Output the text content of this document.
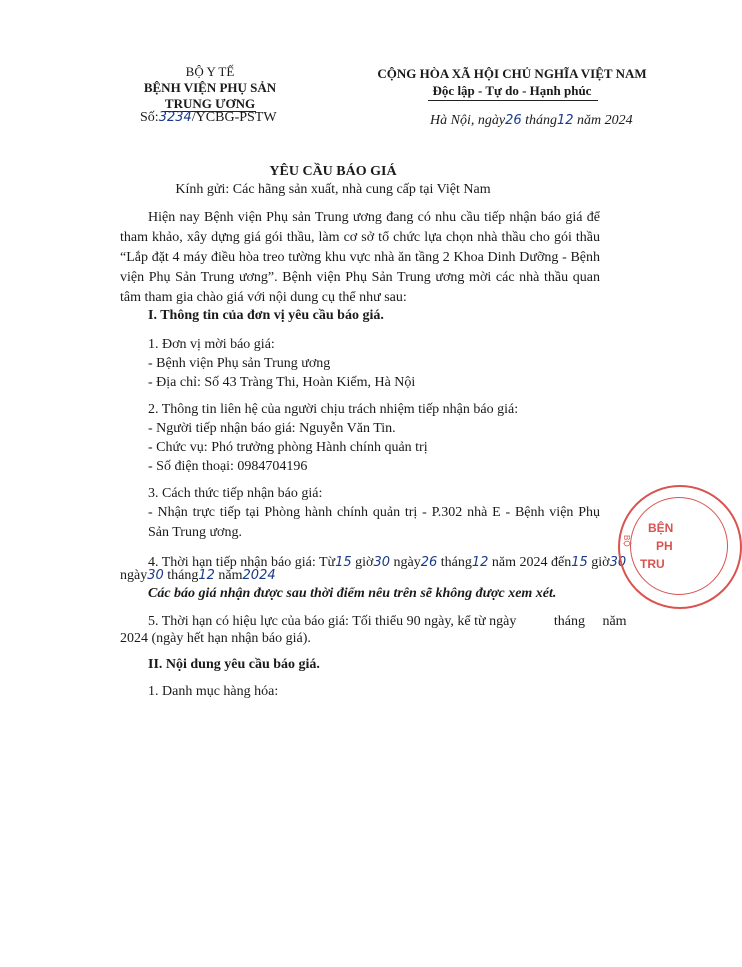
BỘ Y TẾ
BỆNH VIỆN PHỤ SẢN
TRUNG ƯƠNG
Số:3234/YCBG-PSTW
CỘNG HÒA XÃ HỘI CHỦ NGHĨA VIỆT NAM
Độc lập - Tự do - Hạnh phúc
Hà Nội, ngày26 tháng12 năm 2024
YÊU CẦU BÁO GIÁ
Kính gửi: Các hãng sản xuất, nhà cung cấp tại Việt Nam
Hiện nay Bệnh viện Phụ sản Trung ương đang có nhu cầu tiếp nhận báo giá để tham khảo, xây dựng giá gói thầu, làm cơ sở tổ chức lựa chọn nhà thầu cho gói thầu “Lắp đặt 4 máy điều hòa treo tường khu vực nhà ăn tầng 2 Khoa Dinh Dưỡng - Bệnh viện Phụ Sản Trung ương”. Bệnh viện Phụ Sản Trung ương mời các nhà thầu quan tâm tham gia chào giá với nội dung cụ thể như sau:
I. Thông tin của đơn vị yêu cầu báo giá.
1. Đơn vị mời báo giá:
- Bệnh viện Phụ sản Trung ương
- Địa chỉ: Số 43 Tràng Thi, Hoàn Kiếm, Hà Nội
2. Thông tin liên hệ của người chịu trách nhiệm tiếp nhận báo giá:
- Người tiếp nhận báo giá: Nguyễn Văn Tin.
- Chức vụ: Phó trưởng phòng Hành chính quản trị
- Số điện thoại: 0984704196
3. Cách thức tiếp nhận báo giá:
- Nhận trực tiếp tại Phòng hành chính quản trị - P.302 nhà E - Bệnh viện Phụ Sản Trung ương.
4. Thời hạn tiếp nhận báo giá: Từ15 giờ30 ngày26 tháng12 năm 2024 đến15 giờ30
ngày30 tháng12 năm2024
Các báo giá nhận được sau thời điểm nêu trên sẽ không được xem xét.
5. Thời hạn có hiệu lực của báo giá: Tối thiểu 90 ngày, kể từ ngày	tháng năm
2024 (ngày hết hạn nhận báo giá).
II. Nội dung yêu cầu báo giá.
1. Danh mục hàng hóa:
BỆN
PH
TRU
BỘ
